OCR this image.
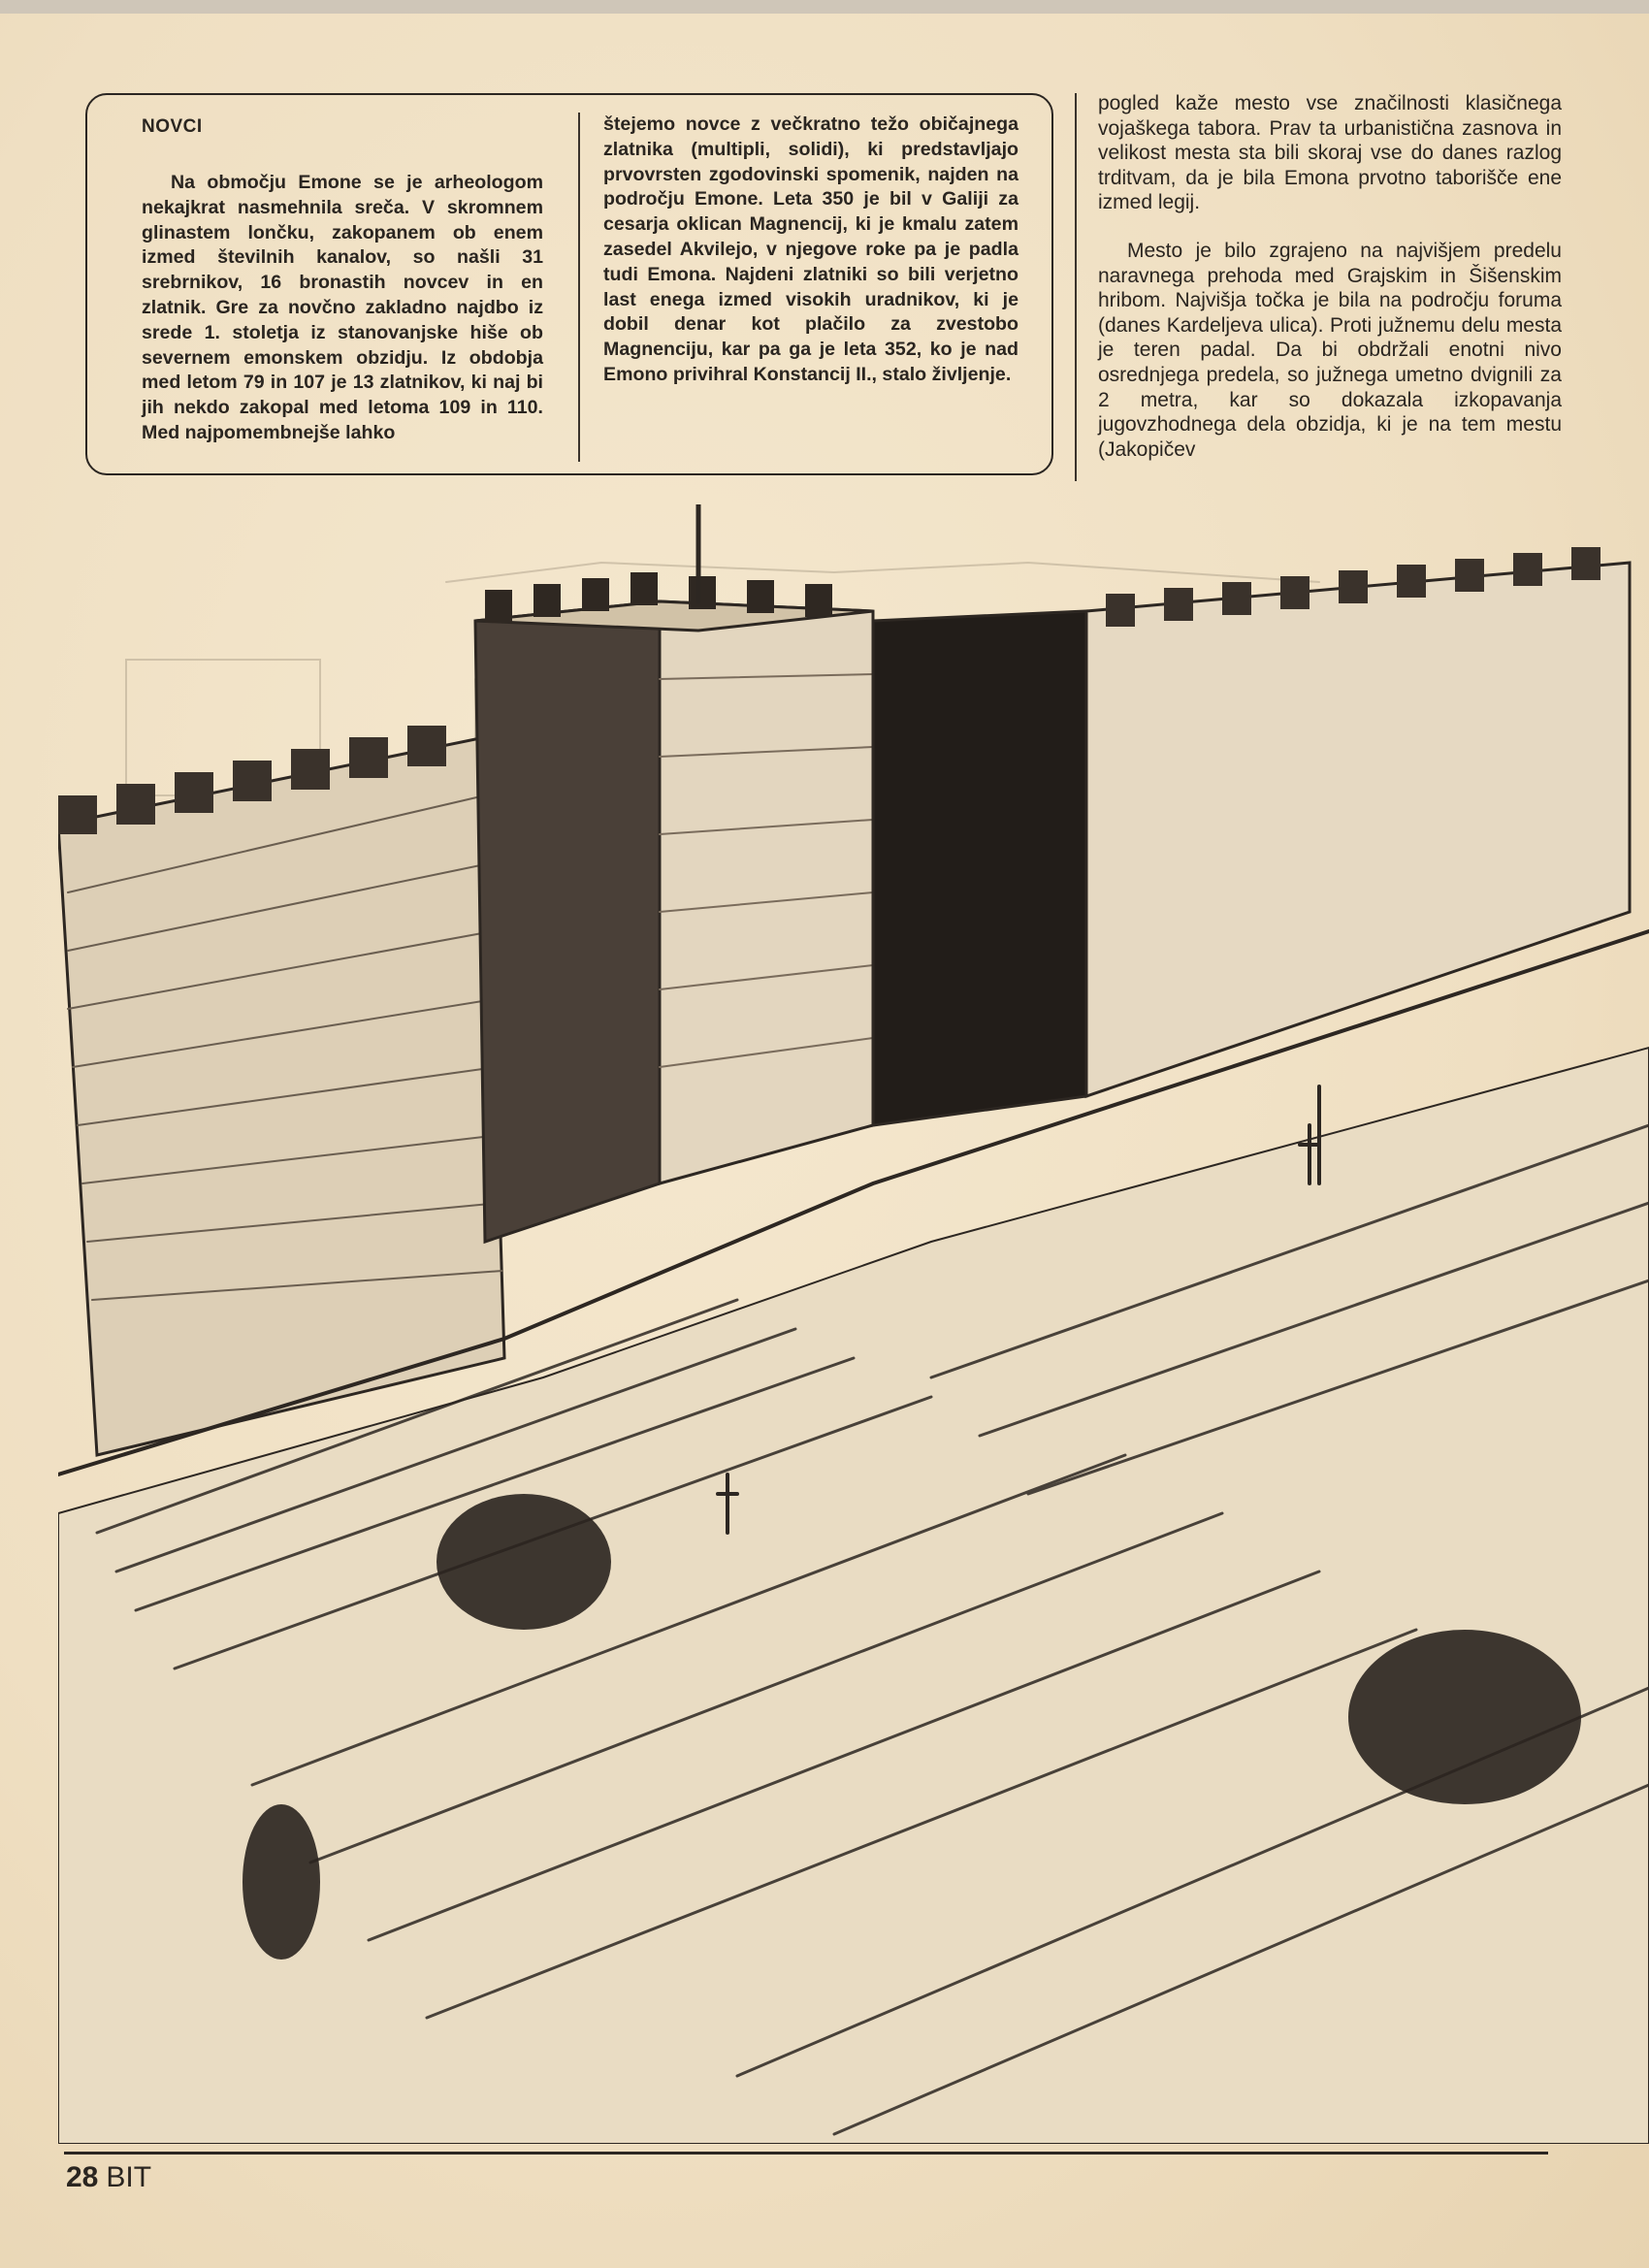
NOVCI

Na območju Emone se je arheologom nekajkrat nasmehnila sreča. V skromnem glinastem lončku, zakopanem ob enem izmed številnih kanalov, so našli 31 srebrnikov, 16 bronastih novcev in en zlatnik. Gre za novčno zakladno najdbo iz srede 1. stoletja iz stanovanjske hiše ob severnem emonskem obzidju. Iz obdobja med letom 79 in 107 je 13 zlatnikov, ki naj bi jih nekdo zakopal med letoma 109 in 110. Med najpomembnejše lahko

štejemo novce z večkratno težo običajnega zlatnika (multipli, solidi), ki predstavljajo prvovrsten zgodovinski spomenik, najden na področju Emone. Leta 350 je bil v Galiji za cesarja oklican Magnencij, ki je kmalu zatem zasedel Akvilejo, v njegove roke pa je padla tudi Emona. Najdeni zlatniki so bili verjetno last enega izmed visokih uradnikov, ki je dobil denar kot plačilo za zvestobo Magnenciju, kar pa ga je leta 352, ko je nad Emono privihral Konstancij II., stalo življenje.

pogled kaže mesto vse značilnosti klasičnega vojaškega tabora. Prav ta urbanistična zasnova in velikost mesta sta bili skoraj vse do danes razlog trditvam, da je bila Emona prvotno taborišče ene izmed legij.

Mesto je bilo zgrajeno na najvišjem predelu naravnega prehoda med Grajskim in Šišenskim hribom. Najvišja točka je bila na področju foruma (danes Kardeljeva ulica). Proti južnemu delu mesta je teren padal. Da bi obdržali enotni nivo osrednjega predela, so južnega umetno dvignili za 2 metra, kar so dokazala izkopavanja jugovzhodnega dela obzidja, ki je na tem mestu (Jakopičev

28 BIT
